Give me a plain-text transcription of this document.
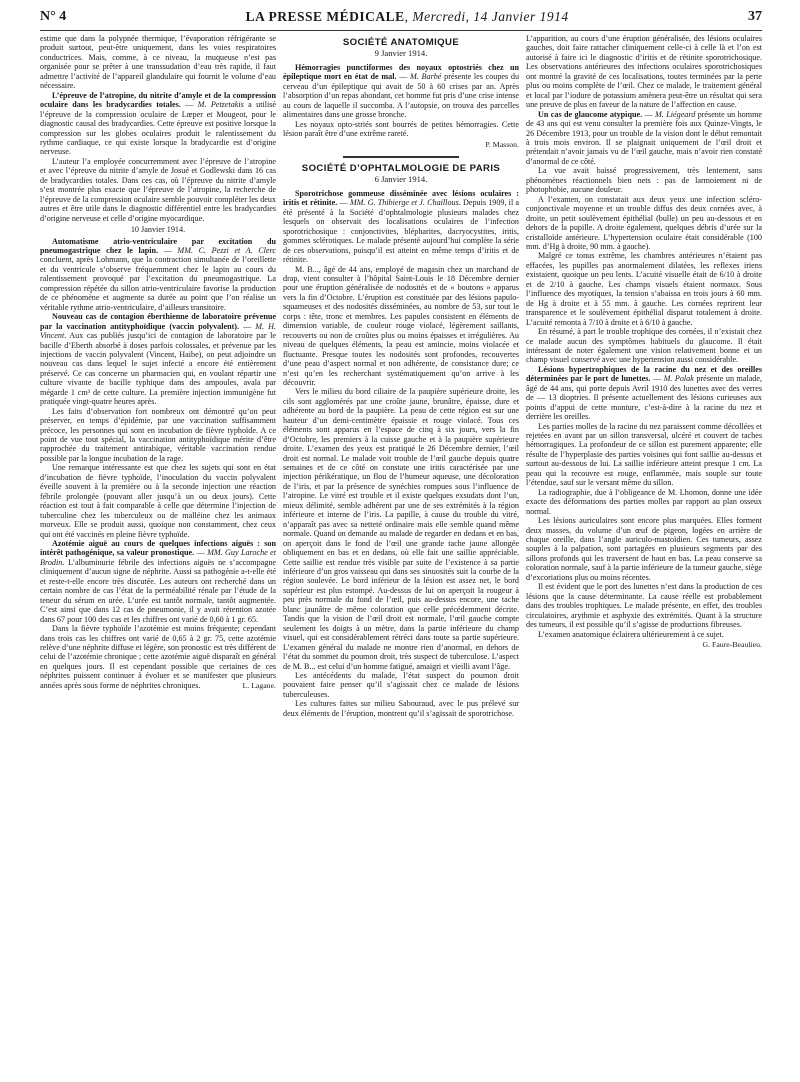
N° 4	LA PRESSE MÉDICALE, Mercredi, 14 Janvier 1914	37

estime que dans la polypnée thermique, l’évaporation réfrigérante se produit surtout, peut-être uniquement, dans les voies respiratoires conductrices. Mais, comme, à ce niveau, la muqueuse n’est pas organisée pour se prêter à une transsudation d’eau très rapide, il faut admettre l’activité de l’appareil glandulaire qui fournit le volume d’eau nécessaire.

L’épreuve de l’atropine, du nitrite d’amyle et de la compression oculaire dans les bradycardies totales. — M. Petzetakis a utilisé l’épreuve de la compression oculaire de Lœper et Mougeot, pour le diagnostic causal des bradycardies. Cette épreuve est positive lorsque la compression sur les globes oculaires produit le ralentissement du rythme cardiaque, ce qui existe lorsque la bradycardie est d’origine nerveuse.

L’auteur l’a employée concurremment avec l’épreuve de l’atropine et avec l’épreuve du nitrite d’amyle de Josué et Godlewski dans 16 cas de bradycardies totales. Dans ces cas, où l’épreuve du nitrite d’amyle s’est montrée plus exacte que l’épreuve de l’atropine, la recherche de l’épreuve de la compression oculaire semble pouvoir compléter les deux autres et être utile dans le diagnostic différentiel entre les bradycardies d’origine nerveuse et celle d’origine myocardique.

10 Janvier 1914.

Automatisme atrio-ventriculaire par excitation du pneumogastrique chez le lapin. — MM. C. Pezzi et A. Clerc concluent, après Lohmann, que la contraction simultanée de l’oreillette et du ventricule s’observe fréquemment chez le lapin au cours du ralentissement provoqué par l’excitation du pneumogastrique. La compression répétée du sillon atrio-ventriculaire favorise la production de ce phénomène et augmente sa durée au point que l’on réalise un véritable rythme atrio-ventriculaire, d’ailleurs transitoire.

Nouveau cas de contagion éberthienne de laboratoire prévenue par la vaccination antityphoïdique (vaccin polyvalent). — M. H. Vincent. Aux cas publiés jusqu’ici de contagion de laboratoire par le bacille d’Eberth absorbé à doses parfois colossales, et prévenue par les injections de vaccin polyvalent (Vincent, Haibe), on peut adjoindre un nouveau cas dans lequel le sujet infecté a encore été entièrement préservé. Ce cas concerne un pharmacien qui, en voulant répartir une culture vivante de bacille typhique dans des ampoules, avala par mégarde 1 cm³ de cette culture. La première injection immunigène fut pratiquée vingt-quatre heures après.

Les faits d’observation fort nombreux ont démontré qu’on peut préserver, en temps d’épidémie, par une vaccination suffisamment précoce, les personnes qui sont en incubation de fièvre typhoïde. A ce point de vue tout spécial, la vaccination antityphoïdique mérite d’être rapprochée du traitement antirabique, véritable vaccination rendue possible par la longue incubation de la rage.

Une remarque intéressante est que chez les sujets qui sont en état d’incubation de fièvre typhoïde, l’inoculation du vaccin polyvalent éveille souvent à la première ou à la seconde injection une réaction fébrile prolongée (pouvant aller jusqu’à un ou deux jours). Cette réaction est tout à fait comparable à celle que détermine l’injection de tuberculine chez les tuberculeux ou de malléine chez les animaux morveux. Elle se produit aussi, quoique non constamment, chez ceux qui ont été vaccinés en pleine fièvre typhoïde.

Azotémie aiguë au cours de quelques infections aiguës : son intérêt pathogénique, sa valeur pronostique. — MM. Guy Laroche et Brodin. L’albuminurie fébrile des infections aiguës ne s’accompagne cliniquement d’aucun signe de néphrite. Aussi sa pathogénie a-t-elle été et reste-t-elle encore très discutée. Les auteurs ont recherché dans un certain nombre de cas l’état de la perméabilité rénale par l’étude de la teneur du sérum en urée. L’urée est tantôt normale, tantôt augmentée. C’est ainsi que dans 12 cas de pneumonie, il y avait rétention azotée dans 67 pour 100 des cas et les chiffres ont varié de 0,60 à 1 gr. 65.

Dans la fièvre typhoïde l’azotémie est moins fréquente; cependant dans trois cas les chiffres ont varié de 0,65 à 2 gr. 75, cette azotémie relève d’une néphrite diffuse et légère, son pronostic est très différent de celui de l’azotémie chronique ; cette azotémie aiguë disparaît en général en quelques jours. Il est cependant possible que certaines de ces néphrites puissent continuer à évoluer et se manifester que plusieurs années après sous forme de néphrites chroniques.	L. Lagane.

SOCIÉTÉ ANATOMIQUE

9 Janvier 1914.

Hémorragies punctiformes des noyaux optostriés chez un épileptique mort en état de mal. — M. Barbé présente les coupes du cerveau d’un épileptique qui avait de 50 à 60 crises par an. Après l’absorption d’un repas abondant, cet homme fut pris d’une crise intense au cours de laquelle il succomba. A l’autopsie, on trouva des parcelles alimentaires dans une grosse bronche.

Les noyaux opto-striés sont bourrés de petites hémorragies. Cette lésion paraît être d’une extrême rareté.

P. Masson.

SOCIÉTÉ D’OPHTALMOLOGIE DE PARIS

6 Janvier 1914.

Sporotrichose gommeuse disséminée avec lésions oculaires : iritis et rétinite. — MM. G. Thibierge et J. Chaillous. Depuis 1909, il a été présenté à la Société d’ophtalmologie plusieurs malades chez lesquels on observait des localisations oculaires de l’infection sporotrichosique : conjonctivites, blépharites, dacryocystites, iritis, gommes sclérotiques. Le malade présenté aujourd’hui complète la série de ces observations, puisqu’il est atteint en même temps d’iritis et de rétinite.

M. B..., âgé de 44 ans, employé de magasin chez un marchand de drap, vient consulter à l’hôpital Saint-Louis le 18 Décembre dernier pour une éruption généralisée de nodosités et de « boutons » apparus vers la fin d’Octobre. L’éruption est constituée par des lésions papulo-squameuses et des nodosités disséminées, au nombre de 53, sur tout le corps : tête, tronc et membres. Les papules consistent en éléments de dimension variable, de couleur rouge violacé, légèrement saillants, recouverts ou non de croûtes plus ou moins épaisses et irrégulières. Au niveau de quelques éléments, la peau est amincie, moins violacée et fluctuante. Presque toutes les nodosités sont profondes, recouvertes d’une peau d’aspect normal et non adhérente, de consistance dure; ce n’est qu’en les recherchant systématiquement qu’on arrive à les découvrir.

Vers le milieu du bord ciliaire de la paupière supérieure droite, les cils sont agglomérés par une croûte jaune, brunâtre, épaisse, dure et adhérente au bord de la paupière. La peau de cette région est sur une hauteur d’un demi-centimètre épaissie et rouge violacé. Tous ces éléments sont apparus en l’espace de cinq à six jours, vers la fin d’Octobre, les premiers à la cuisse gauche et à la paupière supérieure droite. L’examen des yeux est pratiqué le 26 Décembre dernier, l’œil droit est normal. Le malade voit trouble de l’œil gauche depuis quatre semaines et de ce côté on constate une iritis caractérisée par une injection périkératique, un flou de l’humeur aqueuse, une décoloration de l’iris, et par la présence de synéchies rompues sous l’influence de l’atropine. Le vitré est trouble et il existe quelques exsudats dont l’un, mieux délimité, semble adhérent par une de ses extrémités à la région inférieure et interne de l’iris. La papille, à cause du trouble du vitré, n’apparaît pas avec sa netteté ordinaire mais elle semble quand même normale. Quand on demande au malade de regarder en dedans et en bas, on aperçoit dans le fond de l’œil une grande tache jaune allongée obliquement en bas et en dedans, où elle fait une saillie appréciable. Cette saillie est rendue très visible par suite de l’existence à sa partie inférieure d’un gros vaisseau qui dans ses sinuosités suit la courbe de la région soulevée. Le bord inférieur de la lésion est assez net, le bord supérieur est plus estompé. Au-dessus de lui on aperçoit la rougeur à peu près normale du fond de l’œil, puis au-dessus encore, une tache blanc jaunâtre de même coloration que celle précédemment décrite. Tandis que la vision de l’œil droit est normale, l’œil gauche compte seulement les doigts à un mètre, dans la partie inférieure du champ visuel, qui est considérablement rétréci dans toute sa partie supérieure. L’examen général du malade ne montre rien d’anormal, en dehors de l’état du sommet du poumon droit, très suspect de tuberculose. L’aspect de M. B... est celui d’un homme fatigué, amaigri et vieilli avant l’âge.

Les antécédents du malade, l’état suspect du poumon droit pouvaient faire penser qu’il s’agissait chez ce malade de lésions tuberculeuses.

Les cultures faites sur milieu Sabouraud, avec le pus prélevé sur deux éléments de l’éruption, montrent qu’il s’agissait de sporotrichose.

L’apparition, au cours d’une éruption généralisée, des lésions oculaires gauches, doit faire rattacher cliniquement celle-ci à celle là et l’on est autorisé à faire ici le diagnostic d’iritis et de rétinite sporotrichosique. Les observations antérieures des infections oculaires sporotrichosiques ont montré la gravité de ces localisations, toutes terminées par la perte plus ou moins complète de l’œil. Chez ce malade, le traitement général et local par l’iodure de potassium amènera peut-être un résultat qui sera une preuve de plus en faveur de la nature de l’affection en cause.

Un cas de glaucome atypique. — M. Liégeard présente un homme de 43 ans qui est venu consulter la première fois aux Quinze-Vingts, le 26 Décembre 1913, pour un trouble de la vision dont le début remontait à trois mois environ. Il se plaignait uniquement de l’œil droit et prétendait n’avoir jamais vu de l’œil gauche, mais n’avoir rien constaté d’anormal de ce côté.

La vue avait baissé progressivement, très lentement, sans phénomènes réactionnels bien nets : pas de larmoiement ni de photophobie, aucune douleur.

A l’examen, on constatait aux deux yeux une infection scléro-conjonctivale moyenne et un trouble diffus des deux cornées avec, à droite, un petit soulèvement épithélial (bulle) un peu au-dessous et en dehors de la pupille. A droite également, quelques débris d’urée sur la cristalloïde antérieure. L’hypertension oculaire était considérable (100 mm. d’Hg à droite, 90 mm. à gauche).

Malgré ce tonus extrême, les chambres antérieures n’étaient pas effacées, les pupilles pas anormalement dilatées, les reflexes iriens existaient, quoique un peu lents. L’acuité visuelle était de 6/10 à droite et de 2/10 à gauche. Les champs visuels étaient normaux. Sous l’influence des myotiques, la tension s’abaissa en trois jours à 60 mm. de Hg à droite et à 55 mm. à gauche. Les cornées reprirent leur transparence et le soulèvement épithélial disparut totalement à droite. L’acuité remonta à 7/10 à droite et à 6/10 à gauche.

En résumé, à part le trouble trophique des cornées, il n’existait chez ce malade aucun des symptômes habituels du glaucome. Il était intéressant de noter également une vision relativement bonne et un champ visuel conservé avec une hypertension aussi considérable.

Lésions hypertrophiques de la racine du nez et des oreilles déterminées par le port de lunettes. — M. Polak présente un malade, âgé de 44 ans, qui porte depuis Avril 1910 des lunettes avec des verres de — 13 dioptries. Il présente actuellement des lésions curieuses aux points d’appui de cette monture, c’est-à-dire à la racine du nez et derrière les oreilles.

Les parties molles de la racine du nez paraissent comme décollées et rejetées en avant par un sillon transversal, ulcéré et couvert de taches hémorragiques. La profondeur de ce sillon est purement apparente; elle résulte de l’hyperplasie des parties voisines qui font saillie au-dessus et surtout au-dessous de lui. La saillie inférieure atteint presque 1 cm. La peau qui la recouvre est rouge, enflammée, mais souple sur toute l’étendue, sauf sur le versant même du sillon.

La radiographie, due à l’obligeance de M. Lhomon, donne une idée exacte des déformations des parties molles par rapport au plan osseux normal.

Les lésions auriculaires sont encore plus marquées. Elles forment deux masses, du volume d’un œuf de pigeon, logées en arrière de chaque oreille, dans l’angle auriculo-mastoïdien. Ces tumeurs, assez souples à la palpation, sont partagées en plusieurs segments par des sillons profonds qui les traversent de haut en bas. La peau conserve sa coloration normale, sauf à la partie inférieure de la tumeur gauche, siège d’excoriations plus ou moins récentes.

Il est évident que le port des lunettes n’est dans la production de ces lésions que la cause déterminante. La cause réelle est probablement dans des troubles trophiques. Le malade présente, en effet, des troubles circulatoires, arythmie et asphyxie des extrémités. Quant à la structure des tumeurs, il est possible qu’il s’agisse de productions fibreuses.

L’examen anatomique éclairera ultérieurement à ce sujet.

G. Faure-Beaulieu.
